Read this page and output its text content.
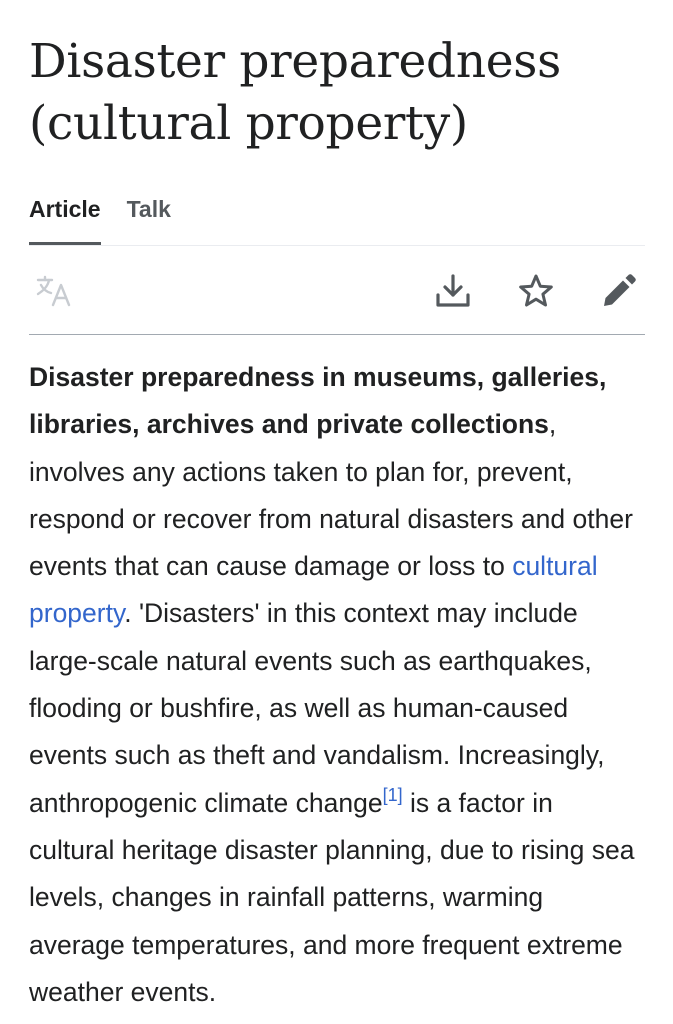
Disaster preparedness
(cultural property)
Article Talk

Disaster preparedness in museums, galleries,
libraries, archives and private collections, involves any actions taken to plan for, prevent, respond or recover from natural disasters and other events that can cause damage or loss to cultural property. 'Disasters' in this context may include large-scale natural events such as earthquakes, flooding or bushfire, as well as human-caused events such as theft and vandalism. Increasingly, anthropogenic climate change[1] is a factor in cultural heritage disaster planning, due to rising sea levels, changes in rainfall patterns, warming average temperatures, and more frequent extreme weather events.
